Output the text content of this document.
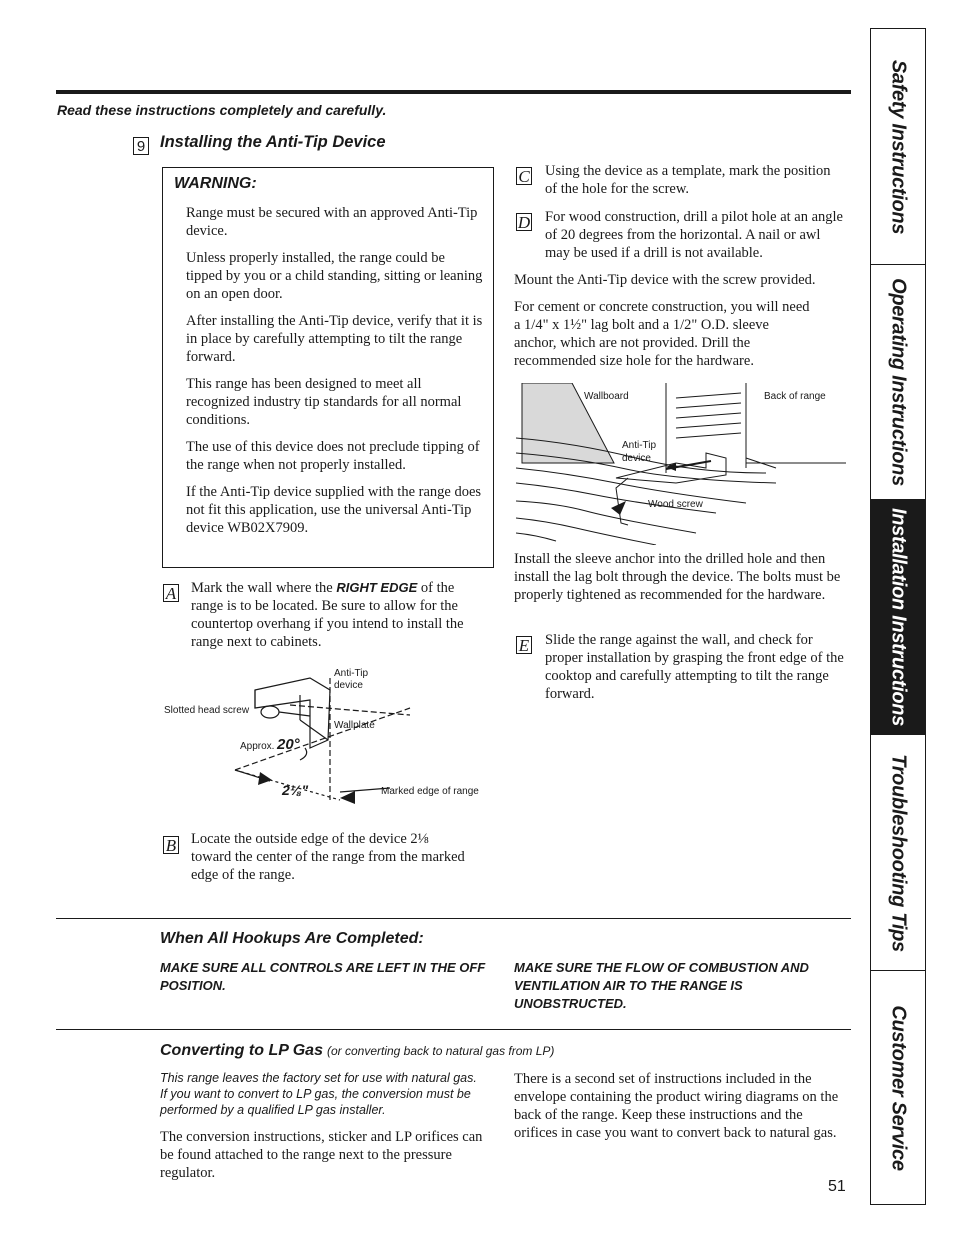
Read these instructions completely and carefully.
9 Installing the Anti-Tip Device
WARNING:

Range must be secured with an approved Anti-Tip device.

Unless properly installed, the range could be tipped by you or a child standing, sitting or leaning on an open door.

After installing the Anti-Tip device, verify that it is in place by carefully attempting to tilt the range forward.

This range has been designed to meet all recognized industry tip standards for all normal conditions.

The use of this device does not preclude tipping of the range when not properly installed.

If the Anti-Tip device supplied with the range does not fit this application, use the universal Anti-Tip device WB02X7909.

A Mark the wall where the RIGHT EDGE of the range is to be located. Be sure to allow for the countertop overhang if you intend to install the range next to cabinets.
Anti-Tip device
Slotted head screw
Wallplate
Approx. 20°
2⅛"	Marked edge of range
B Locate the outside edge of the device 2⅛ toward the center of the range from the marked edge of the range.
C Using the device as a template, mark the position of the hole for the screw.
D For wood construction, drill a pilot hole at an angle of 20 degrees from the horizontal. A nail or awl may be used if a drill is not available.
Mount the Anti-Tip device with the screw provided.
For cement or concrete construction, you will need a 1/4" x 1½" lag bolt and a 1/2" O.D. sleeve anchor, which are not provided. Drill the recommended size hole for the hardware.
Wallboard	Back of range
Anti-Tip device
Wood screw
Install the sleeve anchor into the drilled hole and then install the lag bolt through the device. The bolts must be properly tightened as recommended for the hardware.
E Slide the range against the wall, and check for proper installation by grasping the front edge of the cooktop and carefully attempting to tilt the range forward.
When All Hookups Are Completed:
MAKE SURE ALL CONTROLS ARE LEFT IN THE OFF POSITION.
MAKE SURE THE FLOW OF COMBUSTION AND VENTILATION AIR TO THE RANGE IS UNOBSTRUCTED.
Converting to LP Gas (or converting back to natural gas from LP)
This range leaves the factory set for use with natural gas. If you want to convert to LP gas, the conversion must be performed by a qualified LP gas installer.
The conversion instructions, sticker and LP orifices can be found attached to the range next to the pressure regulator.
There is a second set of instructions included in the envelope containing the product wiring diagrams on the back of the range. Keep these instructions and the orifices in case you want to convert back to natural gas.
51
Safety Instructions
Operating Instructions
Installation Instructions
Troubleshooting Tips
Customer Service
